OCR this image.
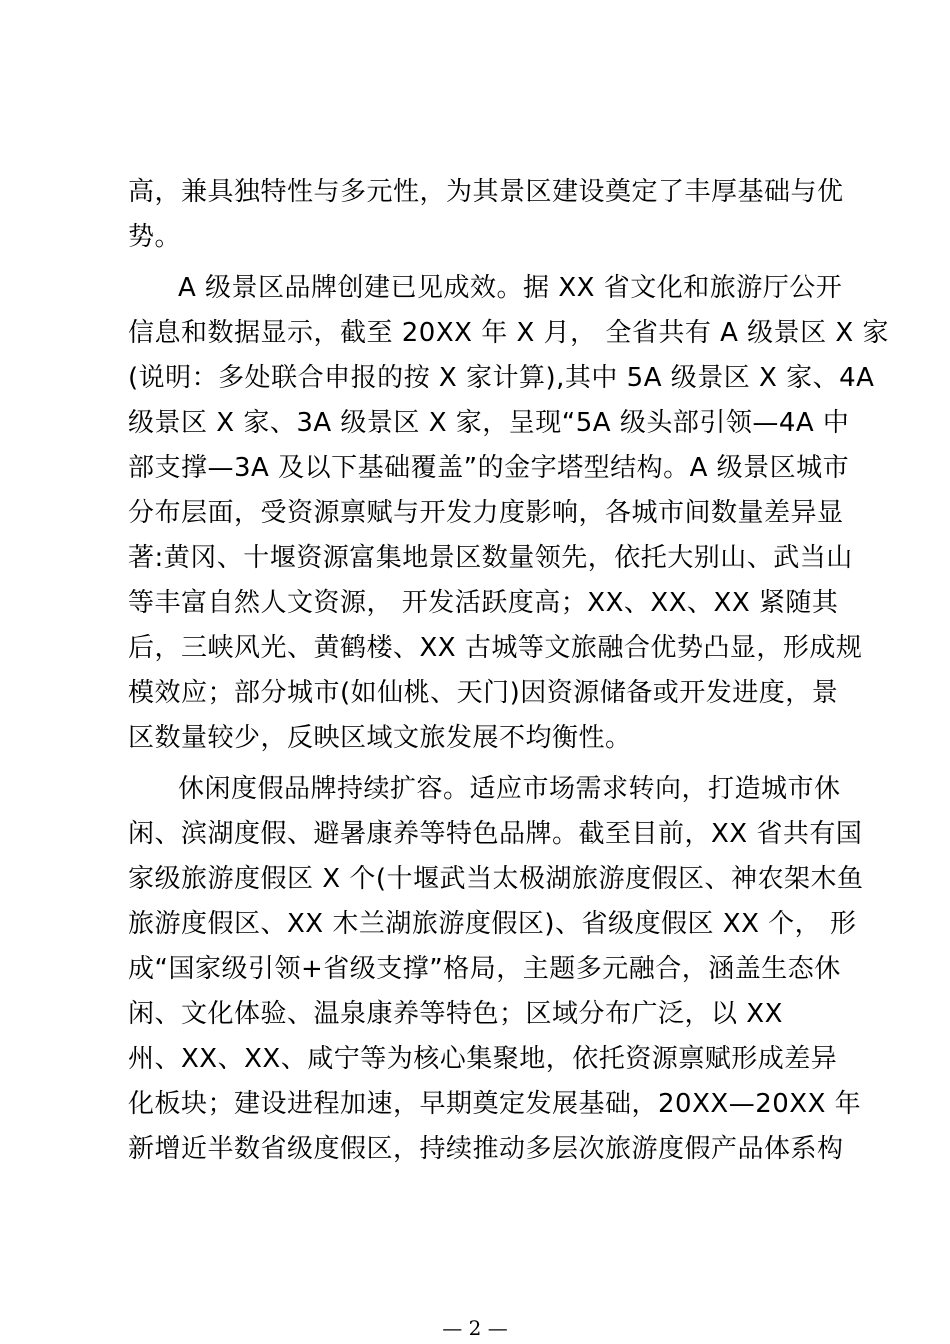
高，兼具独特性与多元性，为其景区建设奠定了丰厚基础与优
势。
A 级景区品牌创建已见成效。据 XX 省文化和旅游厅公开
信息和数据显示，截至 20XX 年 X 月， 全省共有 A 级景区 X 家
(说明：多处联合申报的按 X 家计算),其中 5A 级景区 X 家、4A
级景区 X 家、3A 级景区 X 家，呈现“5A 级头部引领—4A 中
部支撑—3A 及以下基础覆盖”的金字塔型结构。A 级景区城市
分布层面，受资源禀赋与开发力度影响，各城市间数量差异显
著:黄冈、十堰资源富集地景区数量领先，依托大别山、武当山
等丰富自然人文资源， 开发活跃度高；XX、XX、XX 紧随其
后，三峡风光、黄鹤楼、XX 古城等文旅融合优势凸显，形成规
模效应；部分城市(如仙桃、天门)因资源储备或开发进度，景
区数量较少，反映区域文旅发展不均衡性。
休闲度假品牌持续扩容。适应市场需求转向，打造城市休
闲、滨湖度假、避暑康养等特色品牌。截至目前，XX 省共有国
家级旅游度假区 X 个(十堰武当太极湖旅游度假区、神农架木鱼
旅游度假区、XX 木兰湖旅游度假区)、省级度假区 XX 个， 形
成“国家级引领+省级支撑”格局，主题多元融合，涵盖生态休
闲、文化体验、温泉康养等特色；区域分布广泛，以 XX
州、XX、XX、咸宁等为核心集聚地，依托资源禀赋形成差异
化板块；建设进程加速，早期奠定发展基础，20XX—20XX 年
新增近半数省级度假区，持续推动多层次旅游度假产品体系构
— 2 —
